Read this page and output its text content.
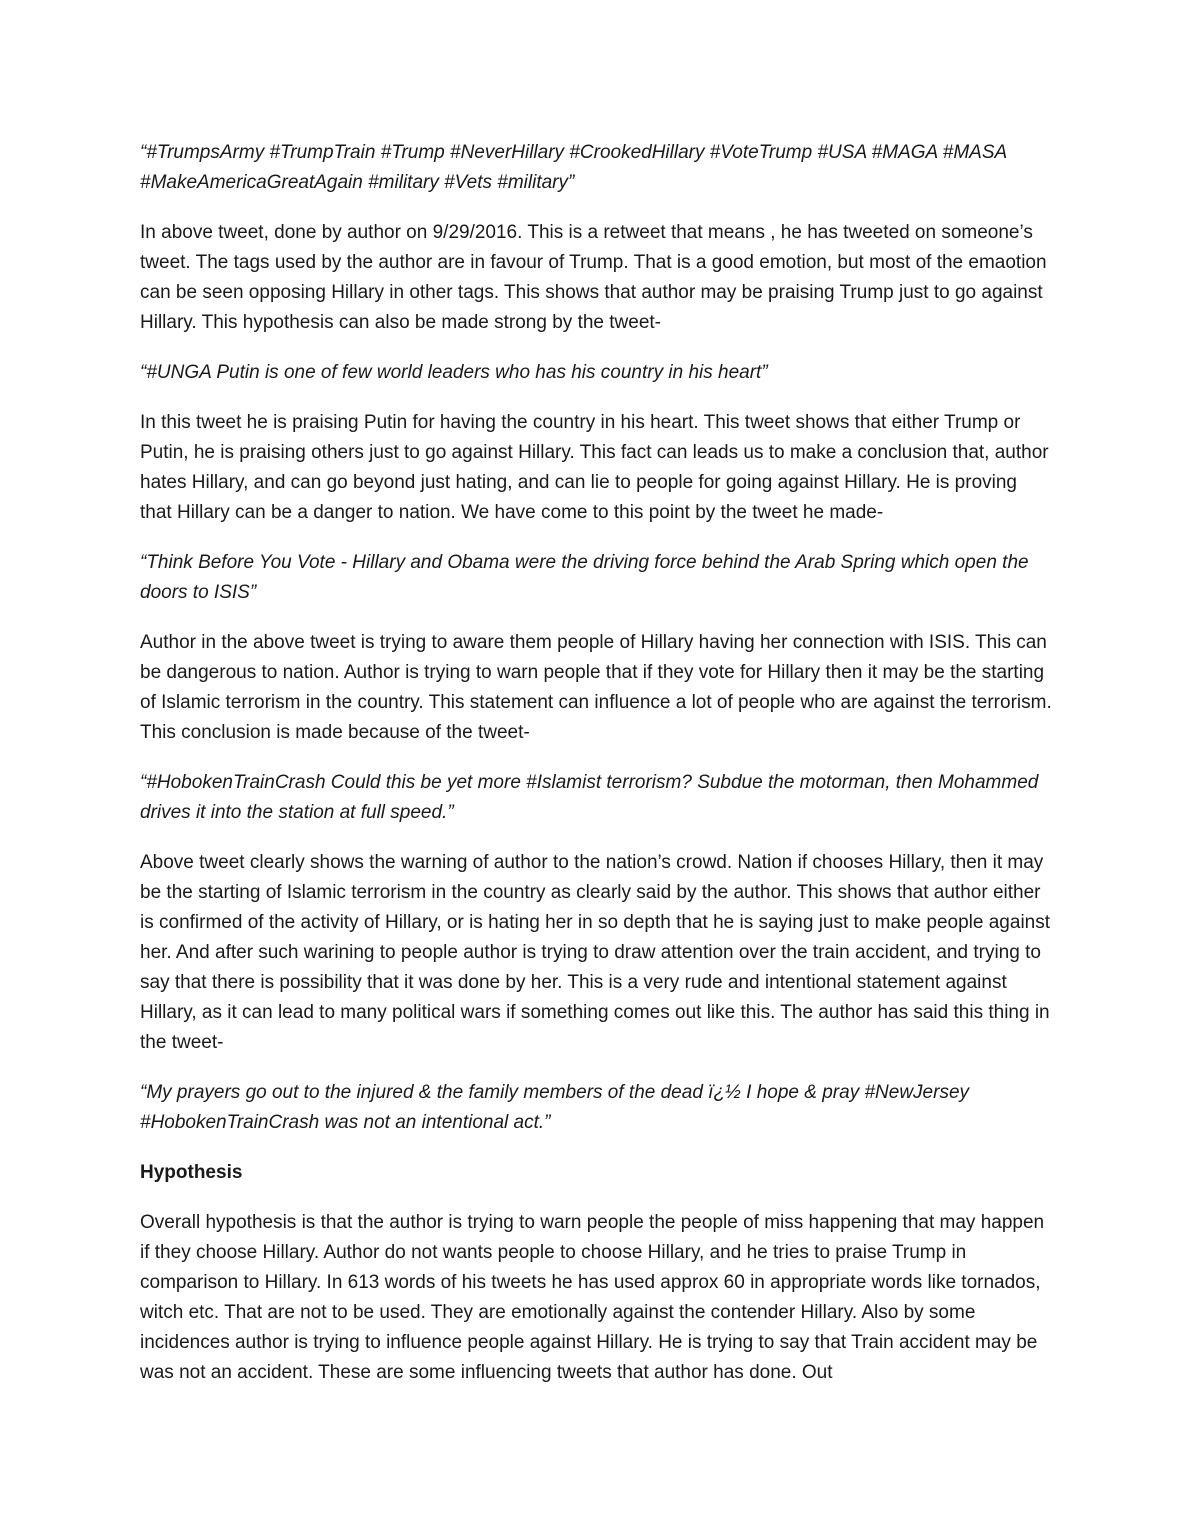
“#TrumpsArmy #TrumpTrain #Trump #NeverHillary #CrookedHillary #VoteTrump #USA #MAGA #MASA #MakeAmericaGreatAgain #military #Vets #military”

In above tweet, done by author on 9/29/2016. This is a retweet that means , he has tweeted on someone’s tweet. The tags used by the author are in favour of Trump. That is a good emotion, but most of the emaotion can be seen opposing Hillary in other tags. This shows that author may be praising Trump just to go against Hillary. This hypothesis can also be made strong by the tweet-

“#UNGA Putin is one of few world leaders who has his country in his heart”

In this tweet he is praising Putin for having the country in his heart. This tweet shows that either Trump or Putin, he is praising others just to go against Hillary. This fact can leads us to make a conclusion that, author hates Hillary, and can go beyond just hating, and can lie to people for going against Hillary. He is proving that Hillary can be a danger to nation. We have come to this point by the tweet he made-

“Think Before You Vote - Hillary and Obama were the driving force behind the Arab Spring which open the doors to ISIS”

Author in the above tweet is trying to aware them people of Hillary having her connection with ISIS. This can be dangerous to nation. Author is trying to warn people that if they vote for Hillary then it may be the starting of Islamic terrorism in the country. This statement can influence a lot of people who are against the terrorism. This conclusion is made because of the tweet-

“#HobokenTrainCrash Could this be yet more #Islamist terrorism? Subdue the motorman, then Mohammed drives it into the station at full speed.”

Above tweet clearly shows the warning of author to the nation’s crowd. Nation if chooses Hillary, then it may be the starting of Islamic terrorism in the country as clearly said by the author. This shows that author either is confirmed of the activity of Hillary, or is hating her in so depth that he is saying just to make people against her. And after such warining to people author is trying to draw attention over the train accident, and trying to say that there is possibility that it was done by her. This is a very rude and intentional statement against Hillary, as it can lead to many political wars if something comes out like this. The author has said this thing in the tweet-

“My prayers go out to the injured & the family members of the dead ï¿½ I hope & pray #NewJersey #HobokenTrainCrash was not an intentional act.”

Hypothesis

Overall hypothesis is that the author is trying to warn people the people of miss happening that may happen if they choose Hillary. Author do not wants people to choose Hillary, and he tries to praise Trump in comparison to Hillary. In 613 words of his tweets he has used approx 60 in appropriate words like tornados, witch etc. That are not to be used. They are emotionally against the contender Hillary. Also by some incidences author is trying to influence people against Hillary. He is trying to say that Train accident may be was not an accident. These are some influencing tweets that author has done. Out
